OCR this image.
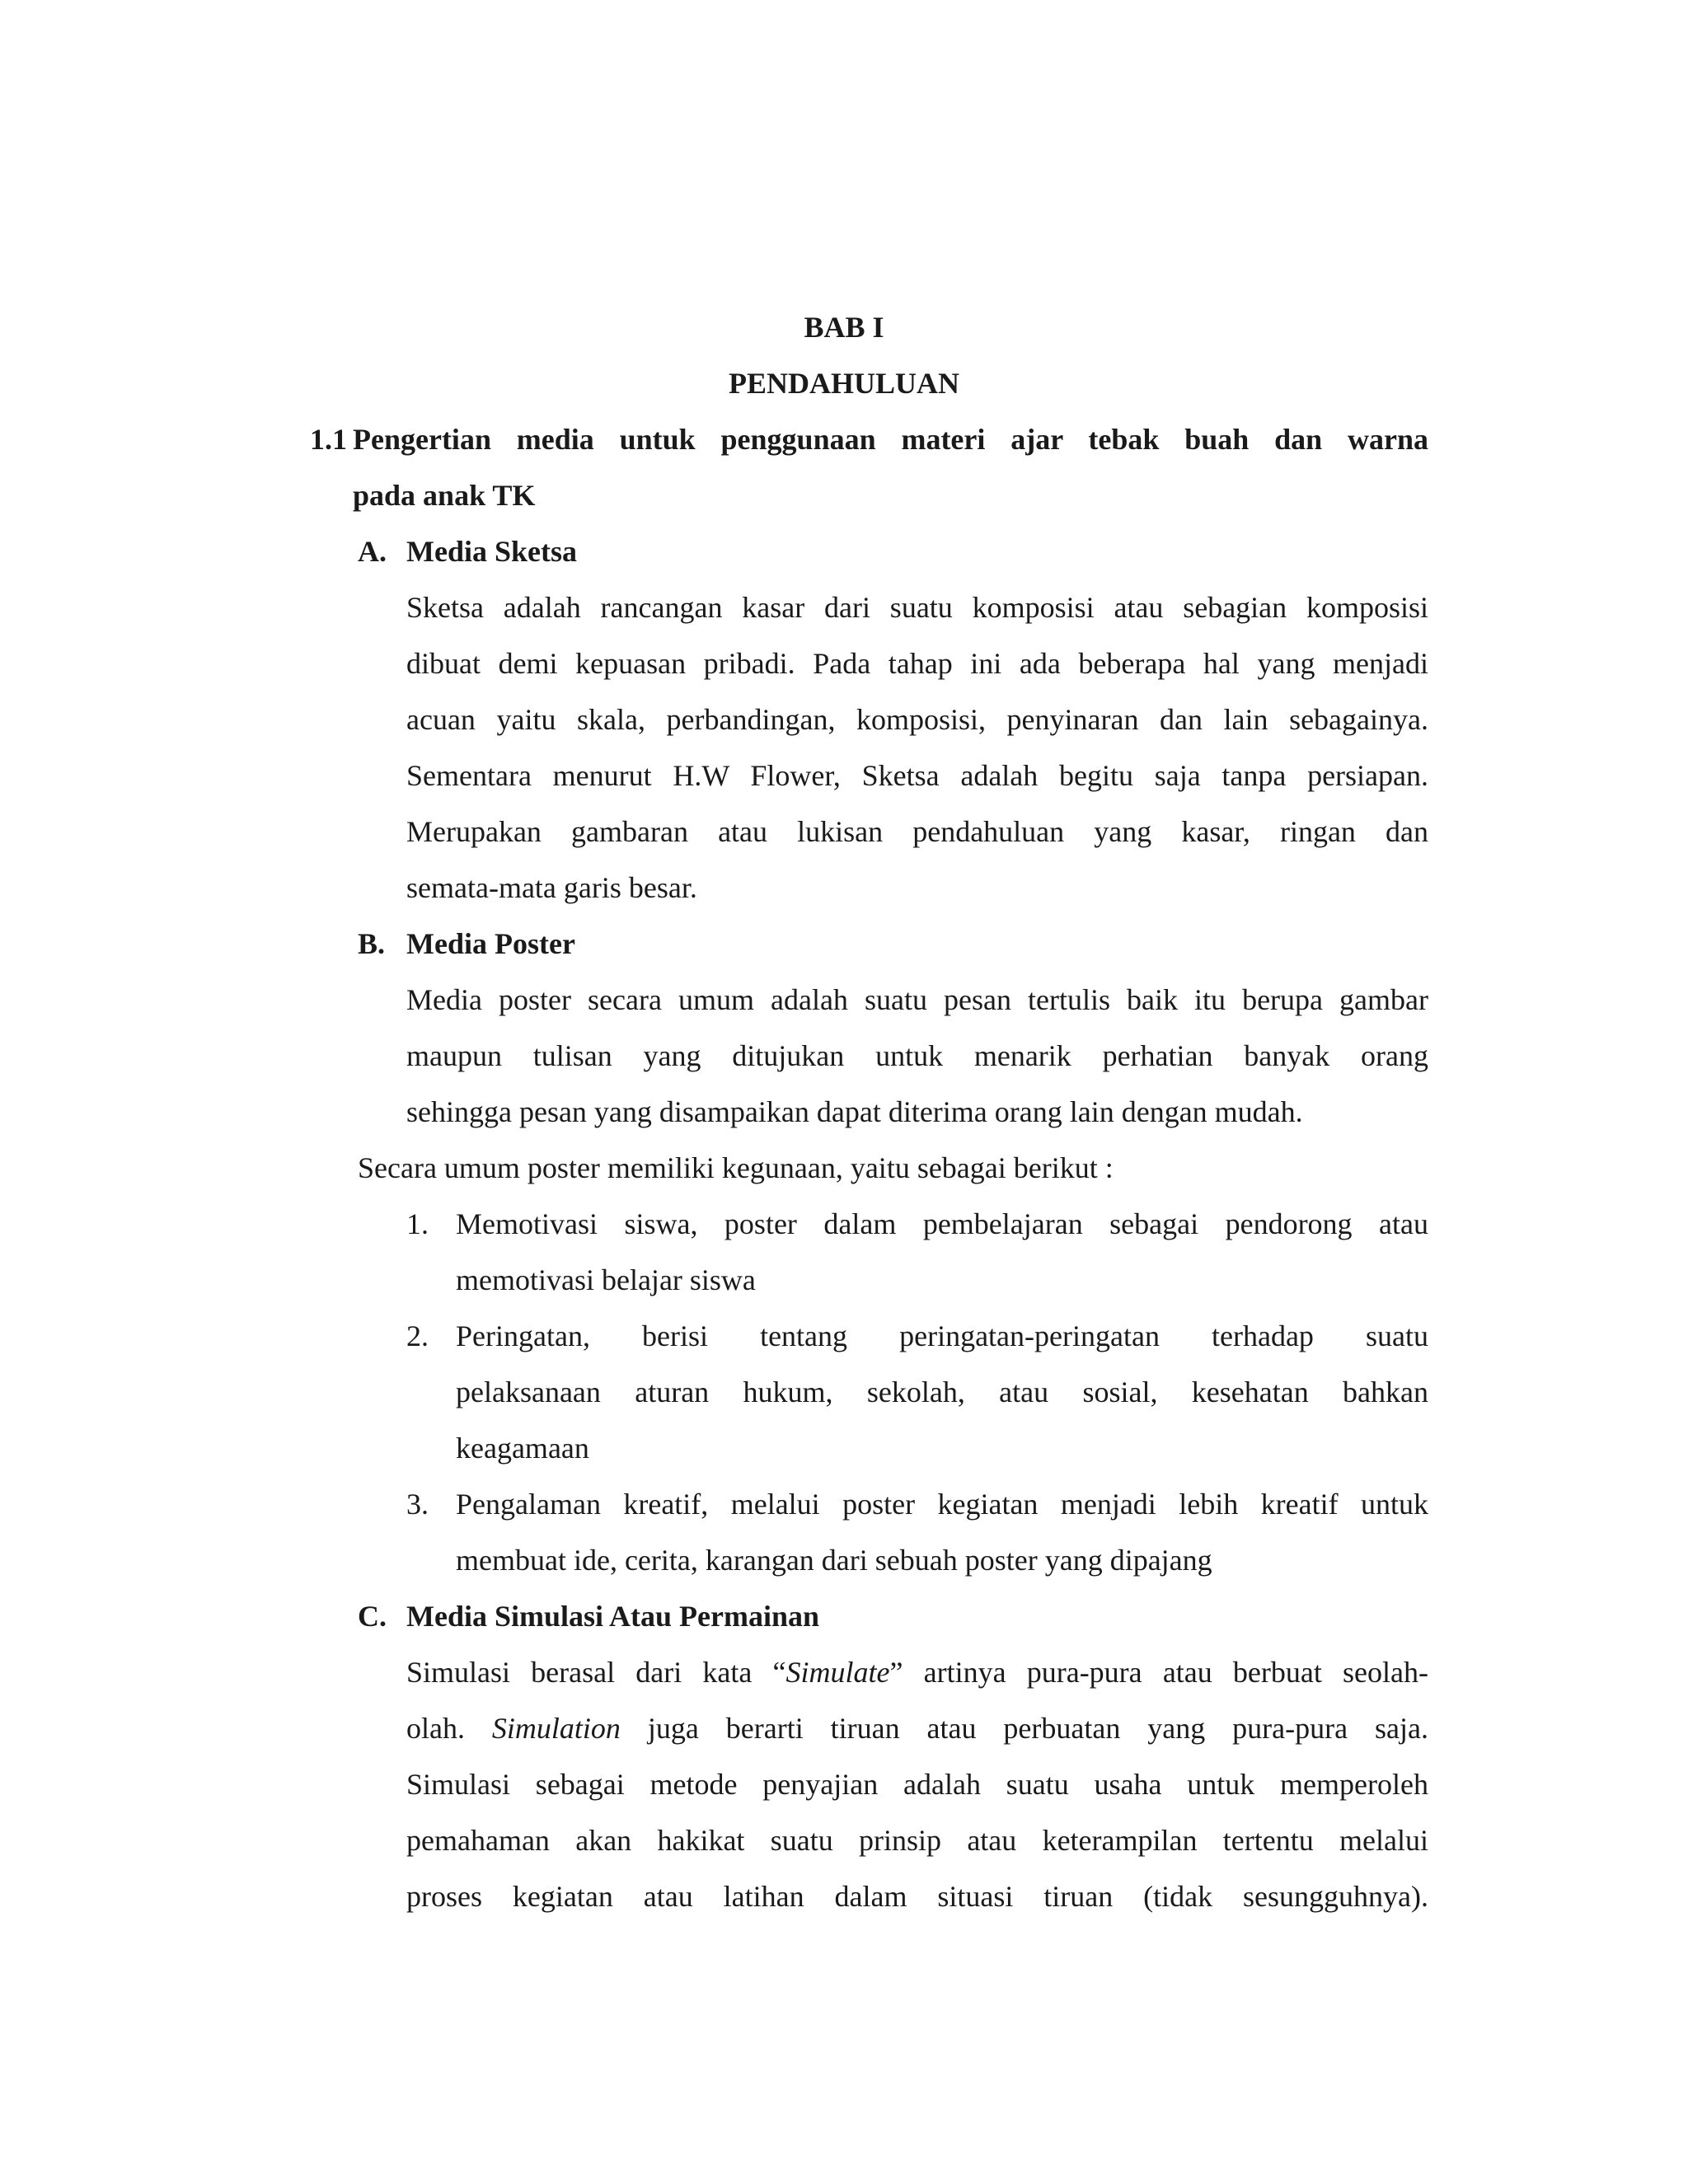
BAB I
PENDAHULUAN
1.1 Pengertian media untuk penggunaan materi ajar tebak buah dan warna
pada anak TK
A. Media Sketsa
Sketsa adalah rancangan kasar dari suatu komposisi atau sebagian komposisi
dibuat demi kepuasan pribadi. Pada tahap ini ada beberapa hal yang menjadi
acuan yaitu skala, perbandingan, komposisi, penyinaran dan lain sebagainya.
Sementara menurut H.W Flower, Sketsa adalah begitu saja tanpa persiapan.
Merupakan gambaran atau lukisan pendahuluan yang kasar, ringan dan
semata-mata garis besar.
B. Media Poster
Media poster secara umum adalah suatu pesan tertulis baik itu berupa gambar
maupun tulisan yang ditujukan untuk menarik perhatian banyak orang
sehingga pesan yang disampaikan dapat diterima orang lain dengan mudah.
Secara umum poster memiliki kegunaan, yaitu sebagai berikut :
1. Memotivasi siswa, poster dalam pembelajaran sebagai pendorong atau
memotivasi belajar siswa
2. Peringatan, berisi tentang peringatan-peringatan terhadap suatu
pelaksanaan aturan hukum, sekolah, atau sosial, kesehatan bahkan
keagamaan
3. Pengalaman kreatif, melalui poster kegiatan menjadi lebih kreatif untuk
membuat ide, cerita, karangan dari sebuah poster yang dipajang
C. Media Simulasi Atau Permainan
Simulasi berasal dari kata “Simulate” artinya pura-pura atau berbuat seolah-
olah. Simulation juga berarti tiruan atau perbuatan yang pura-pura saja.
Simulasi sebagai metode penyajian adalah suatu usaha untuk memperoleh
pemahaman akan hakikat suatu prinsip atau keterampilan tertentu melalui
proses kegiatan atau latihan dalam situasi tiruan (tidak sesungguhnya).
